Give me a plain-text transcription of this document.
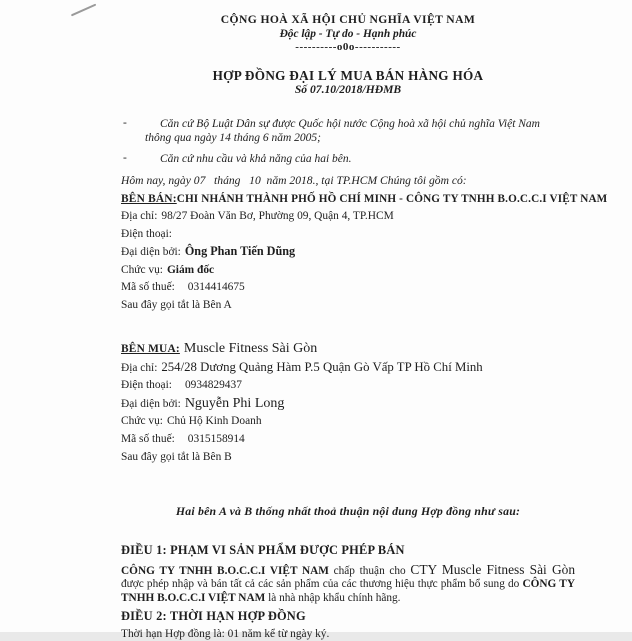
CỘNG HOÀ XÃ HỘI CHỦ NGHĨA VIỆT NAM
Độc lập - Tự do - Hạnh phúc
----------o0o-----------
HỢP ĐỒNG ĐẠI LÝ MUA BÁN HÀNG HÓA
Số 07.10/2018/HĐMB
-	Căn cứ Bộ Luật Dân sự được Quốc hội nước Cộng hoà xã hội chủ nghĩa Việt Nam thông qua ngày 14 tháng 6 năm 2005;
-	Căn cứ nhu cầu và khả năng của hai bên.
Hôm nay, ngày 07   tháng   10  năm 2018., tại TP.HCM Chúng tôi gồm có:
BÊN BÁN:CHI NHÁNH THÀNH PHỐ HỒ CHÍ MINH - CÔNG TY TNHH B.O.C.C.I VIỆT NAM
Địa chỉ: 98/27 Đoàn Văn Bơ, Phường 09, Quận 4, TP.HCM
Điện thoại:
Đại diện bởi: Ông Phan Tiến Dũng
Chức vụ: Giám đốc
Mã số thuế: 0314414675
Sau đây gọi tắt là Bên A
BÊN MUA: Muscle Fitness Sài Gòn
Địa chỉ: 254/28 Dương Quảng Hàm P.5 Quận Gò Vấp TP Hồ Chí Minh
Điện thoại: 0934829437
Đại diện bởi: Nguyễn Phi Long
Chức vụ: Chủ Hộ Kinh Doanh
Mã số thuế: 0315158914
Sau đây gọi tắt là Bên B
Hai bên A và B thống nhất thoả thuận nội dung Hợp đồng như sau:
ĐIỀU 1: PHẠM VI SẢN PHẨM ĐƯỢC PHÉP BÁN
CÔNG TY TNHH B.O.C.C.I VIỆT NAM chấp thuận cho CTY Muscle Fitness Sài Gòn được phép nhập và bán tất cả các sản phẩm của các thương hiệu thực phẩm bổ sung do CÔNG TY TNHH B.O.C.C.I VIỆT NAM là nhà nhập khẩu chính hãng.
ĐIỀU 2: THỜI HẠN HỢP ĐỒNG
Thời hạn Hợp đồng là: 01 năm kể từ ngày ký.
